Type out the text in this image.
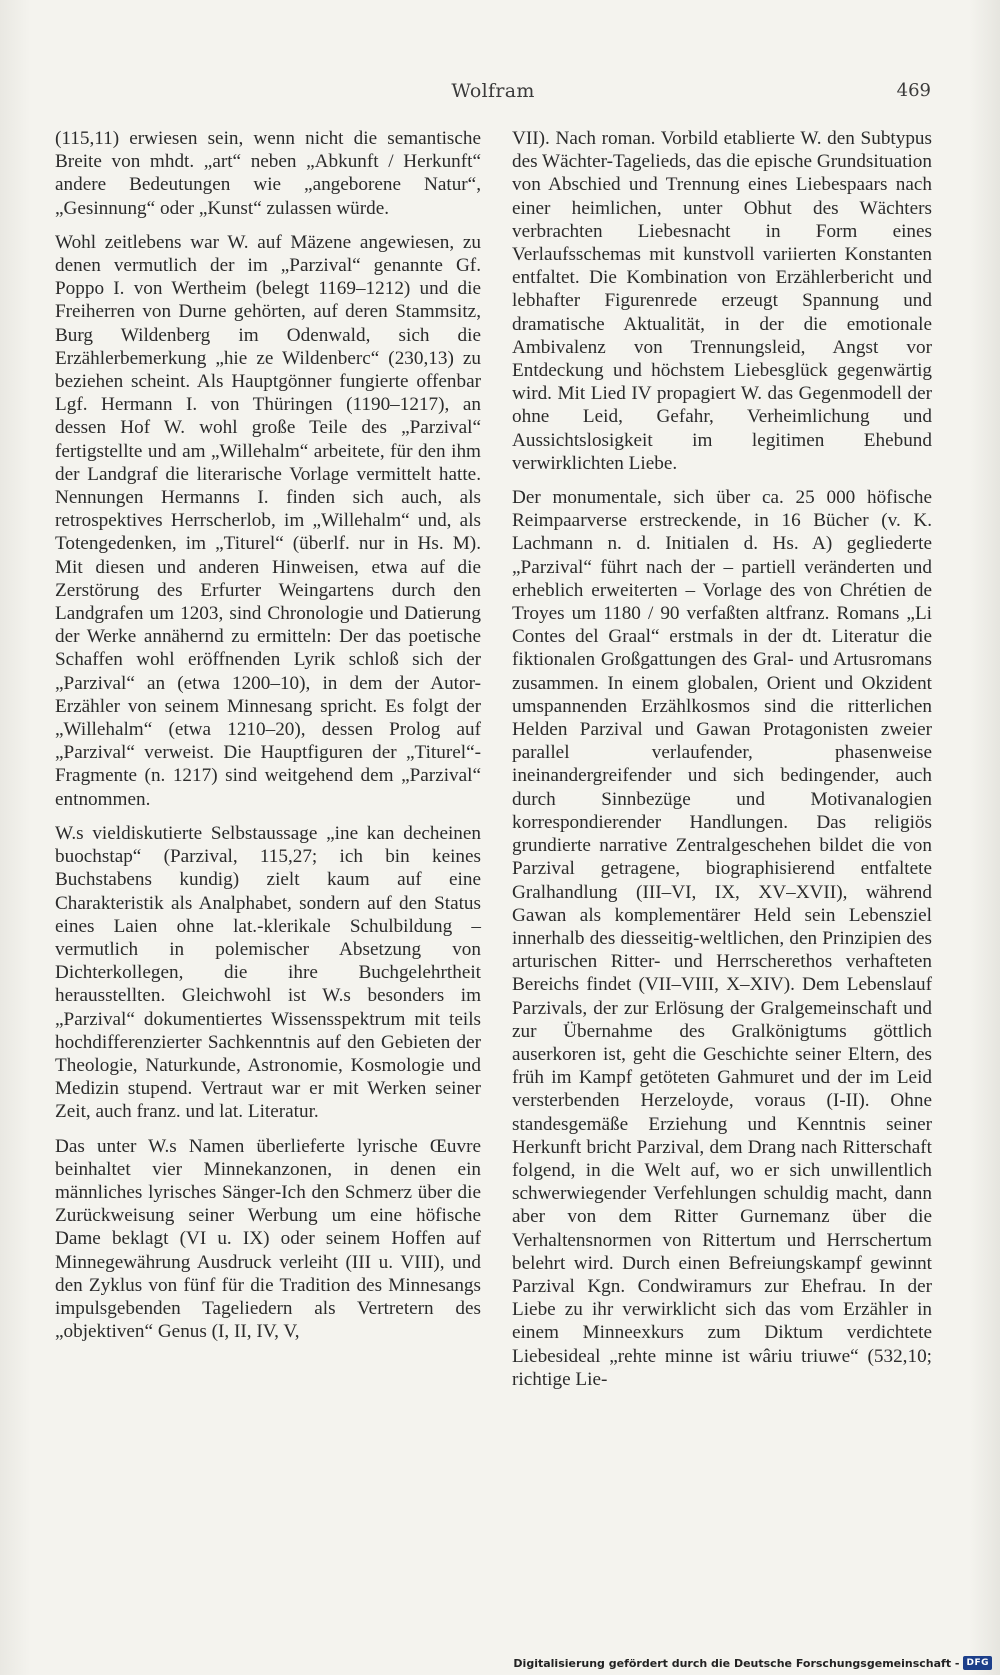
Wolfram	469

(115,11) erwiesen sein, wenn nicht die semantische Breite von mhdt. „art“ neben „Abkunft / Herkunft“ andere Bedeutungen wie „angeborene Natur“, „Gesinnung“ oder „Kunst“ zulassen würde.

Wohl zeitlebens war W. auf Mäzene angewiesen, zu denen vermutlich der im „Parzival“ genannte Gf. Poppo I. von Wertheim (belegt 1169–1212) und die Freiherren von Durne gehörten, auf deren Stammsitz, Burg Wildenberg im Odenwald, sich die Erzählerbemerkung „hie ze Wildenberc“ (230,13) zu beziehen scheint. Als Hauptgönner fungierte offenbar Lgf. Hermann I. von Thüringen (1190–1217), an dessen Hof W. wohl große Teile des „Parzival“ fertigstellte und am „Willehalm“ arbeitete, für den ihm der Landgraf die literarische Vorlage vermittelt hatte. Nennungen Hermanns I. finden sich auch, als retrospektives Herrscherlob, im „Willehalm“ und, als Totengedenken, im „Titurel“ (überlf. nur in Hs. M). Mit diesen und anderen Hinweisen, etwa auf die Zerstörung des Erfurter Weingartens durch den Landgrafen um 1203, sind Chronologie und Datierung der Werke annähernd zu ermitteln: Der das poetische Schaffen wohl eröffnenden Lyrik schloß sich der „Parzival“ an (etwa 1200–10), in dem der Autor-Erzähler von seinem Minnesang spricht. Es folgt der „Willehalm“ (etwa 1210–20), dessen Prolog auf „Parzival“ verweist. Die Hauptfiguren der „Titurel“-Fragmente (n. 1217) sind weitgehend dem „Parzival“ entnommen.

W.s vieldiskutierte Selbstaussage „ine kan decheinen buochstap“ (Parzival, 115,27; ich bin keines Buchstabens kundig) zielt kaum auf eine Charakteristik als Analphabet, sondern auf den Status eines Laien ohne lat.-klerikale Schulbildung – vermutlich in polemischer Absetzung von Dichterkollegen, die ihre Buchgelehrtheit herausstellten. Gleichwohl ist W.s besonders im „Parzival“ dokumentiertes Wissensspektrum mit teils hochdifferenzierter Sachkenntnis auf den Gebieten der Theologie, Naturkunde, Astronomie, Kosmologie und Medizin stupend. Vertraut war er mit Werken seiner Zeit, auch franz. und lat. Literatur.

Das unter W.s Namen überlieferte lyrische Œuvre beinhaltet vier Minnekanzonen, in denen ein männliches lyrisches Sänger-Ich den Schmerz über die Zurückweisung seiner Werbung um eine höfische Dame beklagt (VI u. IX) oder seinem Hoffen auf Minnegewährung Ausdruck verleiht (III u. VIII), und den Zyklus von fünf für die Tradition des Minnesangs impulsgebenden Tageliedern als Vertretern des „objektiven“ Genus (I, II, IV, V,

VII). Nach roman. Vorbild etablierte W. den Subtypus des Wächter-Tagelieds, das die epische Grundsituation von Abschied und Trennung eines Liebespaars nach einer heimlichen, unter Obhut des Wächters verbrachten Liebesnacht in Form eines Verlaufsschemas mit kunstvoll variierten Konstanten entfaltet. Die Kombination von Erzählerbericht und lebhafter Figurenrede erzeugt Spannung und dramatische Aktualität, in der die emotionale Ambivalenz von Trennungsleid, Angst vor Entdeckung und höchstem Liebesglück gegenwärtig wird. Mit Lied IV propagiert W. das Gegenmodell der ohne Leid, Gefahr, Verheimlichung und Aussichtslosigkeit im legitimen Ehebund verwirklichten Liebe.

Der monumentale, sich über ca. 25 000 höfische Reimpaarverse erstreckende, in 16 Bücher (v. K. Lachmann n. d. Initialen d. Hs. A) gegliederte „Parzival“ führt nach der – partiell veränderten und erheblich erweiterten – Vorlage des von Chrétien de Troyes um 1180 / 90 verfaßten altfranz. Romans „Li Contes del Graal“ erstmals in der dt. Literatur die fiktionalen Großgattungen des Gral- und Artusromans zusammen. In einem globalen, Orient und Okzident umspannenden Erzählkosmos sind die ritterlichen Helden Parzival und Gawan Protagonisten zweier parallel verlaufender, phasenweise ineinandergreifender und sich bedingender, auch durch Sinnbezüge und Motivanalogien korrespondierender Handlungen. Das religiös grundierte narrative Zentralgeschehen bildet die von Parzival getragene, biographisierend entfaltete Gralhandlung (III–VI, IX, XV–XVII), während Gawan als komplementärer Held sein Lebensziel innerhalb des diesseitig-weltlichen, den Prinzipien des arturischen Ritter- und Herrscherethos verhafteten Bereichs findet (VII–VIII, X–XIV). Dem Lebenslauf Parzivals, der zur Erlösung der Gralgemeinschaft und zur Übernahme des Gralkönigtums göttlich auserkoren ist, geht die Geschichte seiner Eltern, des früh im Kampf getöteten Gahmuret und der im Leid versterbenden Herzeloyde, voraus (I-II). Ohne standesgemäße Erziehung und Kenntnis seiner Herkunft bricht Parzival, dem Drang nach Ritterschaft folgend, in die Welt auf, wo er sich unwillentlich schwerwiegender Verfehlungen schuldig macht, dann aber von dem Ritter Gurnemanz über die Verhaltensnormen von Rittertum und Herrschertum belehrt wird. Durch einen Befreiungskampf gewinnt Parzival Kgn. Condwiramurs zur Ehefrau. In der Liebe zu ihr verwirklicht sich das vom Erzähler in einem Minneexkurs zum Diktum verdichtete Liebesideal „rehte minne ist wâriu triuwe“ (532,10; richtige Lie-

Digitalisierung gefördert durch die Deutsche Forschungsgemeinschaft - DFG
